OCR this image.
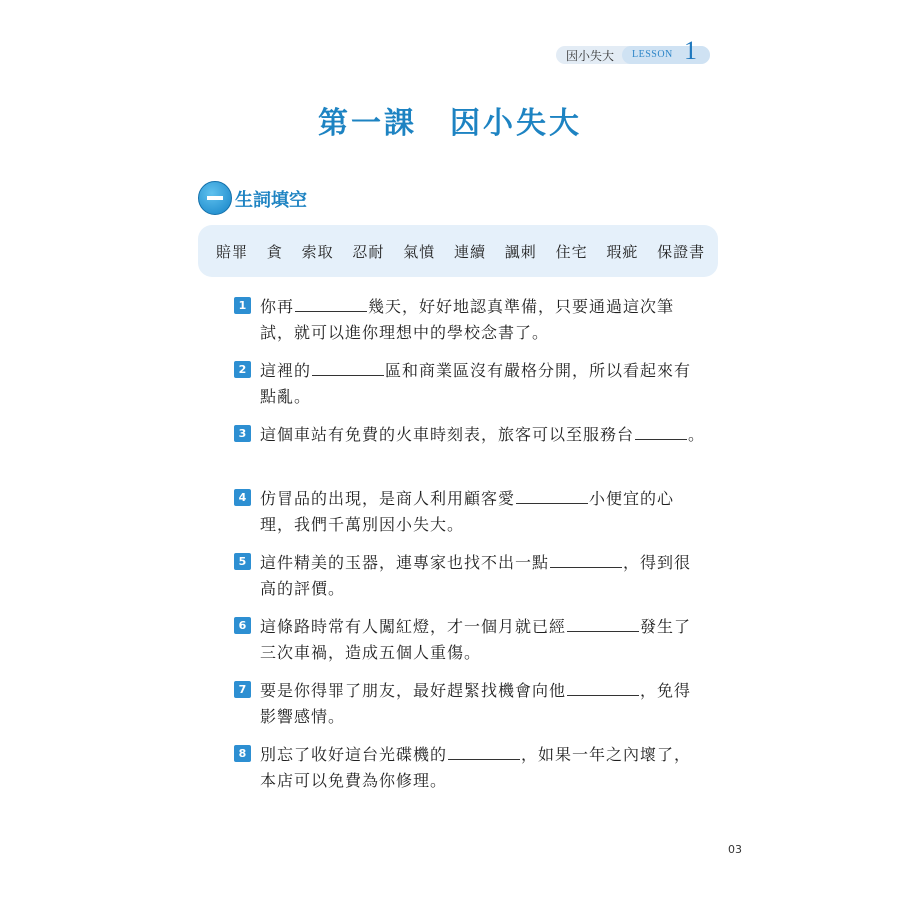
因小失大 LESSON 1
第一課　因小失大
生詞填空
賠罪 貪 索取 忍耐 氣憤 連續 諷刺 住宅 瑕疵 保證書
1 你再	幾天，好好地認真準備，只要通過這次筆
試，就可以進你理想中的學校念書了。
2 這裡的	區和商業區沒有嚴格分開，所以看起來有
點亂。
3 這個車站有免費的火車時刻表，旅客可以至服務台	。
4 仿冒品的出現，是商人利用顧客愛	小便宜的心
理，我們千萬別因小失大。
5 這件精美的玉器，連專家也找不出一點	，得到很
高的評價。
6 這條路時常有人闖紅燈，才一個月就已經	發生了
三次車禍，造成五個人重傷。
7 要是你得罪了朋友，最好趕緊找機會向他	，免得
影響感情。
8 別忘了收好這台光碟機的	，如果一年之內壞了，
本店可以免費為你修理。
03
